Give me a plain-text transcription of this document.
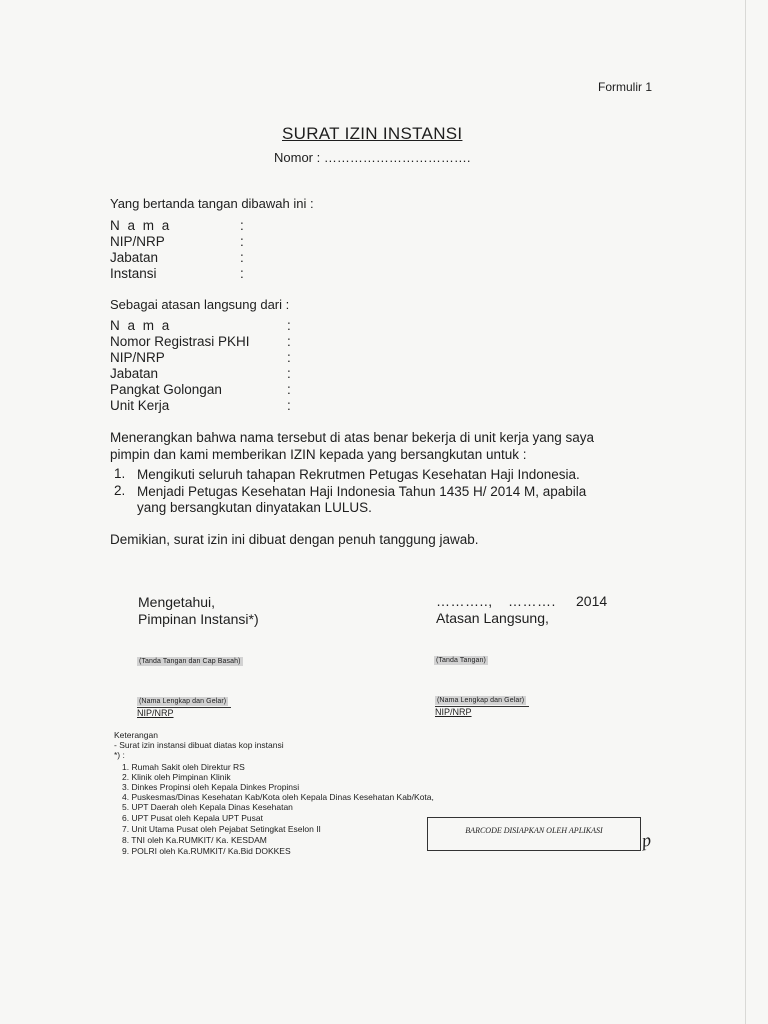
Formulir 1
SURAT IZIN INSTANSI
Nomor : …………………………….
Yang bertanda tangan dibawah ini :
N a m a	:
NIP/NRP	:
Jabatan	:
Instansi	:
Sebagai atasan langsung dari :
N a m a	:
Nomor Registrasi PKHI	:
NIP/NRP	:
Jabatan	:
Pangkat Golongan	:
Unit Kerja	:
Menerangkan bahwa nama tersebut di atas benar bekerja di unit kerja yang saya
pimpin dan kami memberikan IZIN kepada yang bersangkutan untuk :
1. Mengikuti seluruh tahapan Rekrutmen Petugas Kesehatan Haji Indonesia.
2. Menjadi Petugas Kesehatan Haji Indonesia Tahun 1435 H/ 2014 M, apabila
yang bersangkutan dinyatakan LULUS.
Demikian, surat izin ini dibuat dengan penuh tanggung jawab.
Mengetahui,
Pimpinan Instansi*)
……….., ………. 2014
Atasan Langsung,
(Tanda Tangan dan Cap Basah)	(Tanda Tangan)
(Nama Lengkap dan Gelar)
NIP/NRP
(Nama Lengkap dan Gelar)
NIP/NRP
Keterangan
- Surat izin instansi dibuat diatas kop instansi
*) :
1. Rumah Sakit oleh Direktur RS
2. Klinik oleh Pimpinan Klinik
3. Dinkes Propinsi oleh Kepala Dinkes Propinsi
4. Puskesmas/Dinas Kesehatan Kab/Kota oleh Kepala Dinas Kesehatan Kab/Kota,
5. UPT Daerah oleh Kepala Dinas Kesehatan
6. UPT Pusat oleh Kepala UPT Pusat
7. Unit Utama Pusat oleh Pejabat Setingkat Eselon II
8. TNI oleh Ka.RUMKIT/ Ka. KESDAM
9. POLRI oleh Ka.RUMKIT/ Ka.Bid DOKKES
BARCODE DISIAPKAN OLEH APLIKASI	p
